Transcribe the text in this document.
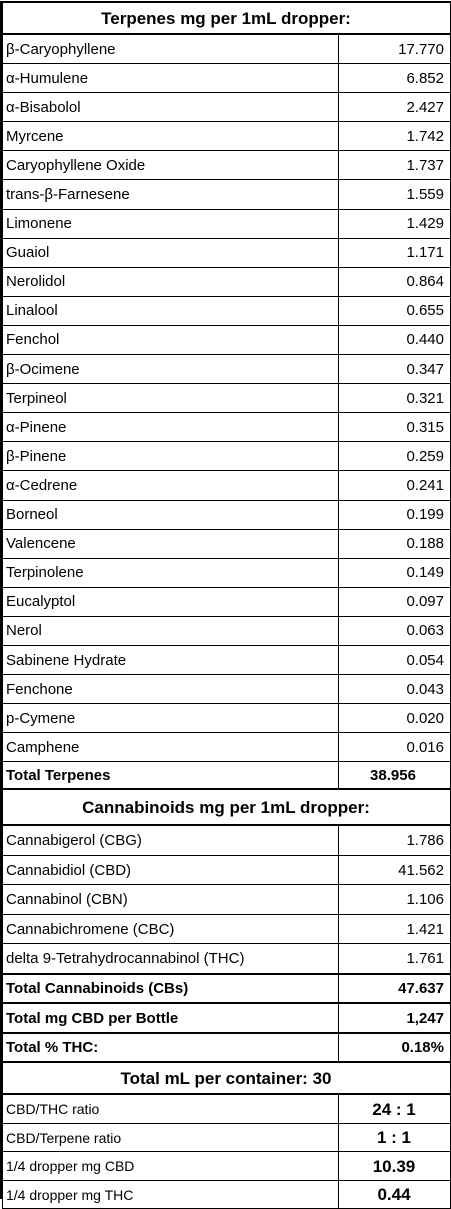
Terpenes mg per 1mL dropper:	
β-Caryophyllene	17.770
α-Humulene	6.852
α-Bisabolol	2.427
Myrcene	1.742
Caryophyllene Oxide	1.737
trans-β-Farnesene	1.559
Limonene	1.429
Guaiol	1.171
Nerolidol	0.864
Linalool	0.655
Fenchol	0.440
β-Ocimene	0.347
Terpineol	0.321
α-Pinene	0.315
β-Pinene	0.259
α-Cedrene	0.241
Borneol	0.199
Valencene	0.188
Terpinolene	0.149
Eucalyptol	0.097
Nerol	0.063
Sabinene Hydrate	0.054
Fenchone	0.043
p-Cymene	0.020
Camphene	0.016
Total Terpenes	38.956
Cannabinoids mg per 1mL dropper:	
Cannabigerol (CBG)	1.786
Cannabidiol (CBD)	41.562
Cannabinol (CBN)	1.106
Cannabichromene (CBC)	1.421
delta 9-Tetrahydrocannabinol (THC)	1.761
Total Cannabinoids (CBs)	47.637
Total mg CBD per Bottle	1,247
Total % THC:	0.18%
Total mL per container: 30	
CBD/THC ratio	24 : 1
CBD/Terpene ratio	1 : 1
1/4 dropper mg CBD	10.39
1/4 dropper mg THC	0.44
